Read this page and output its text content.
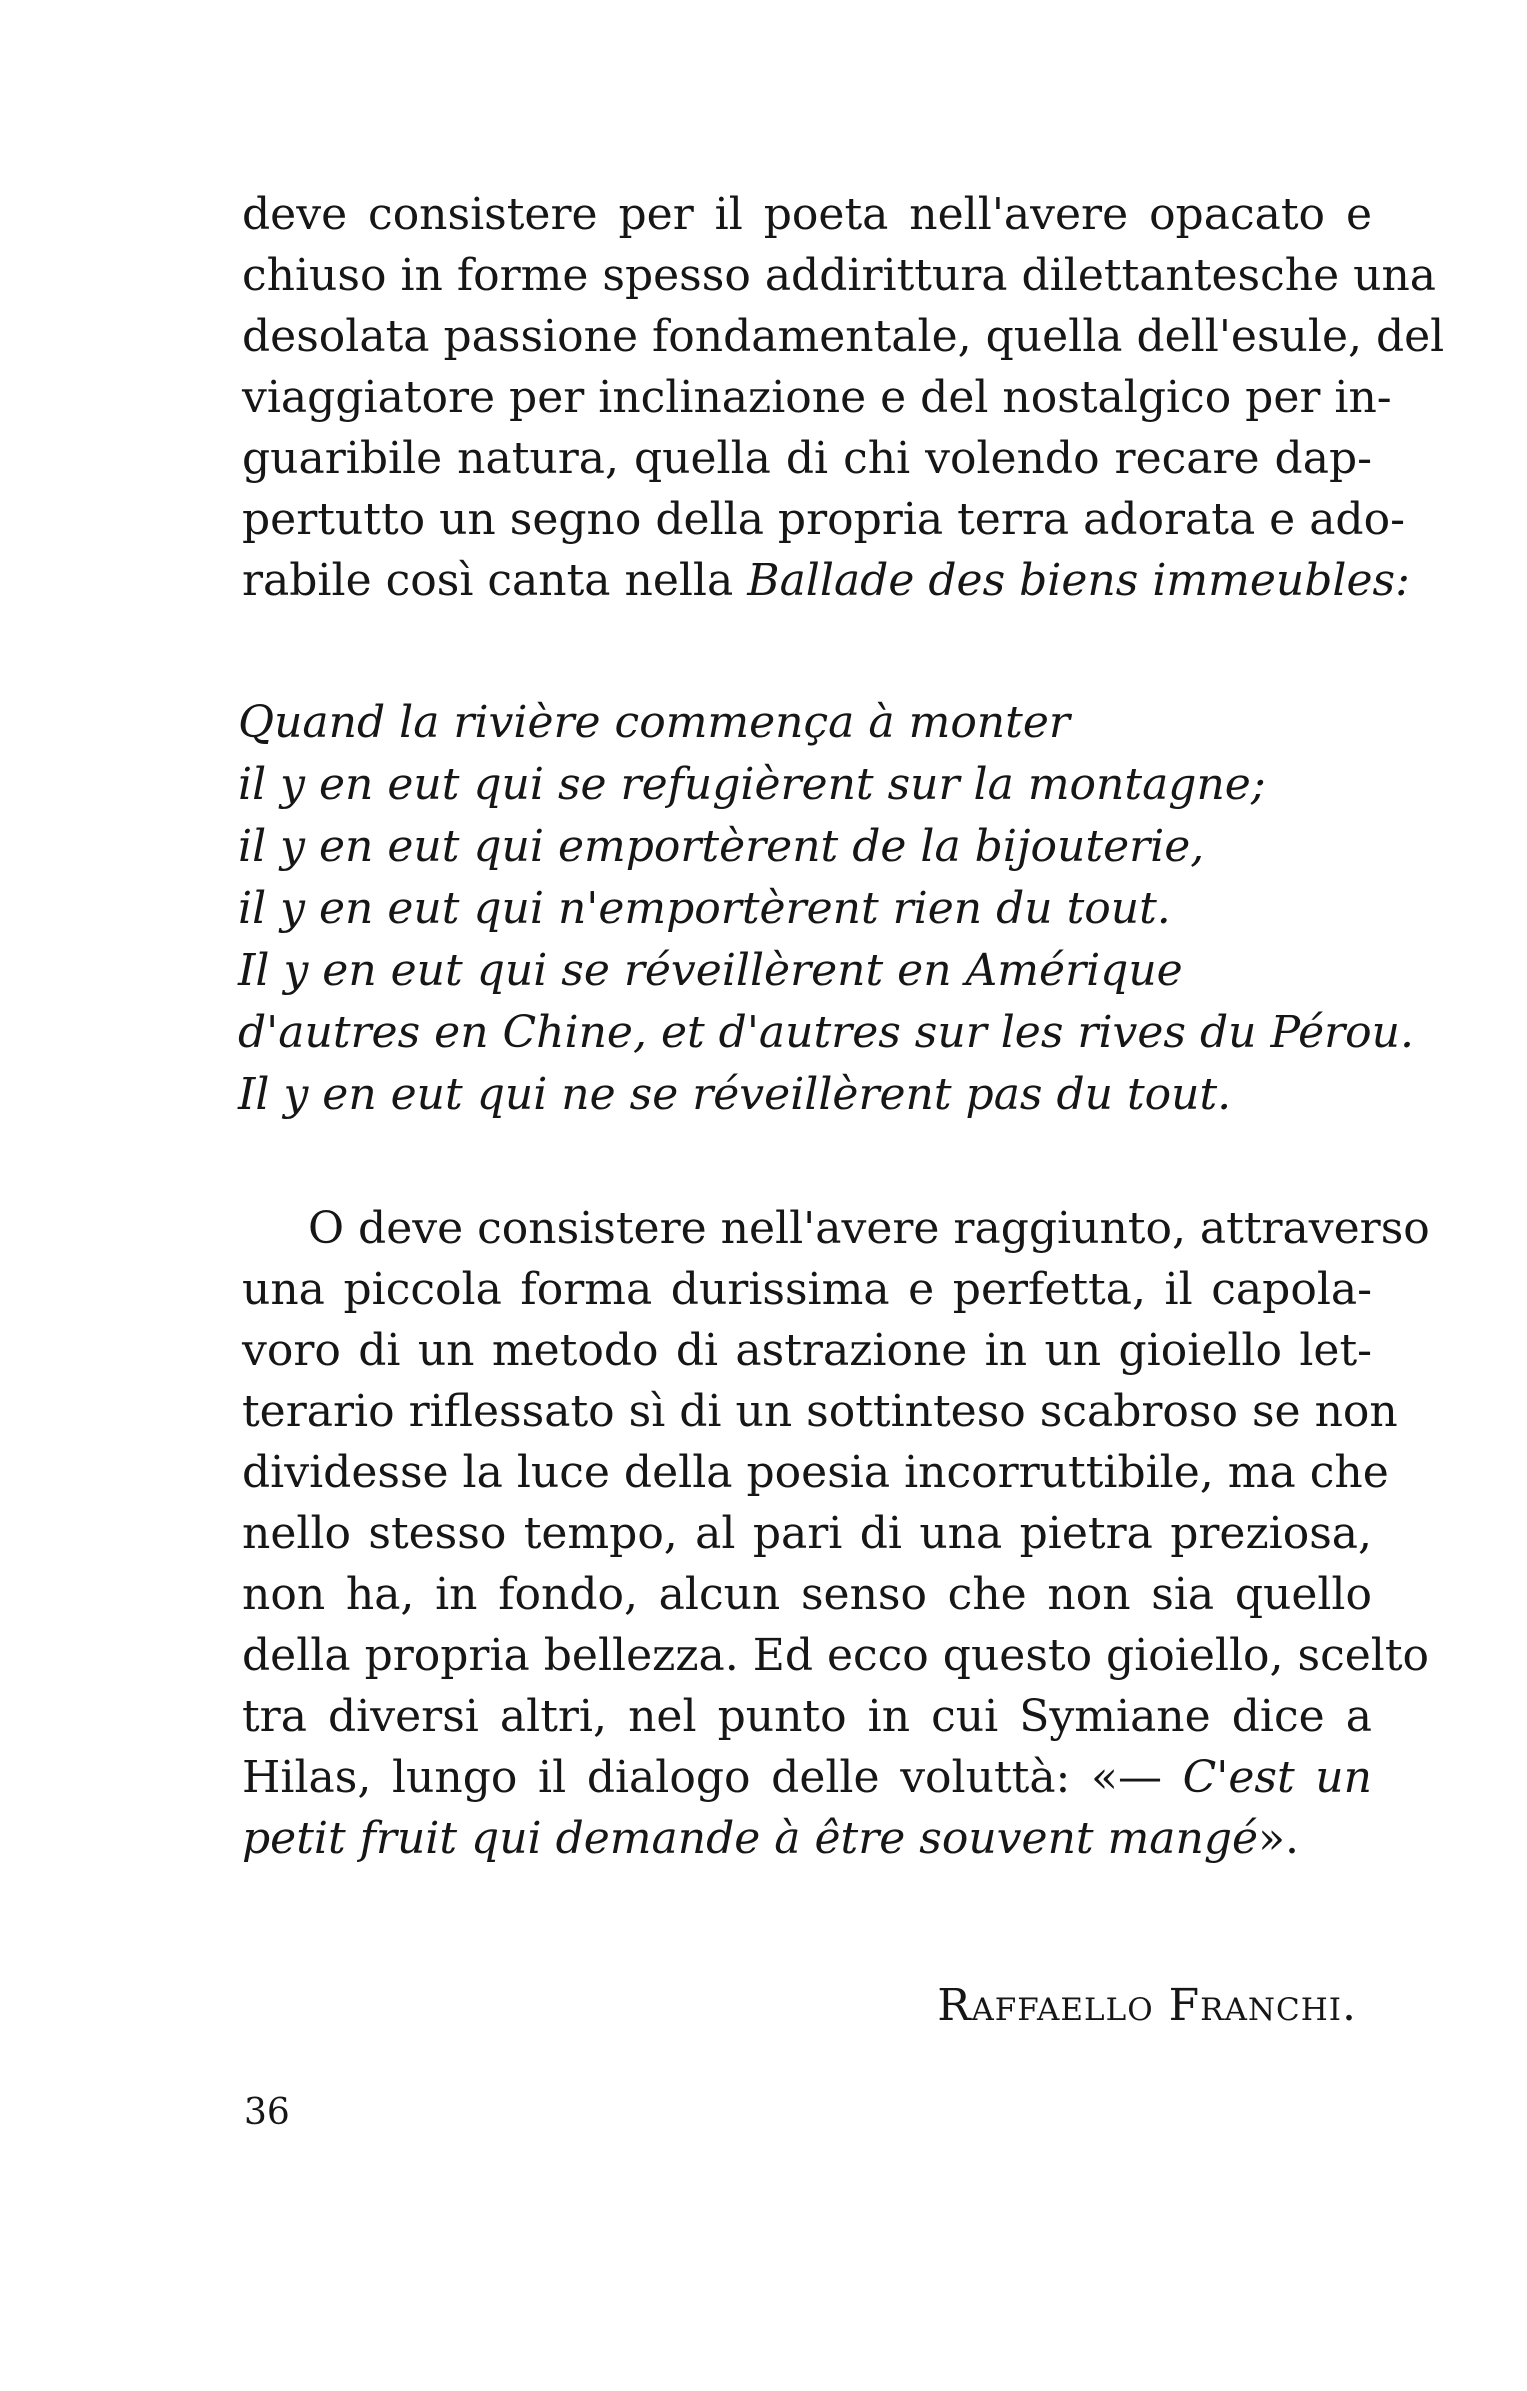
deve consistere per il poeta nell'avere opacato e
chiuso in forme spesso addirittura dilettantesche una
desolata passione fondamentale, quella dell'esule, del
viaggiatore per inclinazione e del nostalgico per in-
guaribile natura, quella di chi volendo recare dap-
pertutto un segno della propria terra adorata e ado-
rabile così canta nella Ballade des biens immeubles:

Quand la rivière commença à monter
il y en eut qui se refugièrent sur la montagne;
il y en eut qui emportèrent de la bijouterie,
il y en eut qui n'emportèrent rien du tout.
Il y en eut qui se réveillèrent en Amérique
d'autres en Chine, et d'autres sur les rives du Pérou.
Il y en eut qui ne se réveillèrent pas du tout.

O deve consistere nell'avere raggiunto, attraverso
una piccola forma durissima e perfetta, il capola-
voro di un metodo di astrazione in un gioiello let-
terario riflessato sì di un sottinteso scabroso se non
dividesse la luce della poesia incorruttibile, ma che
nello stesso tempo, al pari di una pietra preziosa,
non ha, in fondo, alcun senso che non sia quello
della propria bellezza. Ed ecco questo gioiello, scelto
tra diversi altri, nel punto in cui Symiane dice a
Hilas, lungo il dialogo delle voluttà: «— C'est un
petit fruit qui demande à être souvent mangé».

Raffaello Franchi.

36
